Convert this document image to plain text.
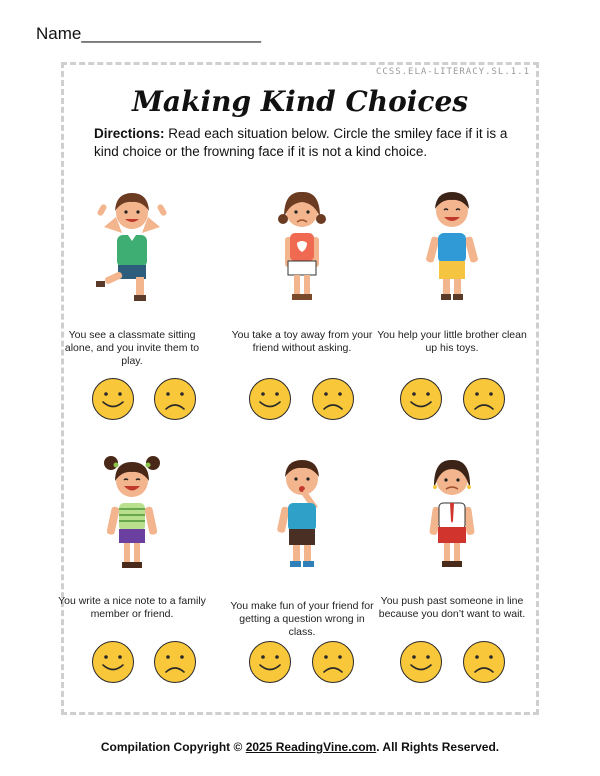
Name___________________
CCSS.ELA-LITERACY.SL.1.1
Making Kind Choices
Directions: Read each situation below. Circle the smiley face if it is a kind choice or the frowning face if it is not a kind choice.
You see a classmate sitting alone, and you invite them to play.
You take a toy away from your friend without asking.
You help your little brother clean up his toys.
You write a nice note to a family member or friend.
You make fun of your friend for getting a question wrong in class.
You push past someone in line because you don’t want to wait.
Compilation Copyright © 2025 ReadingVine.com. All Rights Reserved.
